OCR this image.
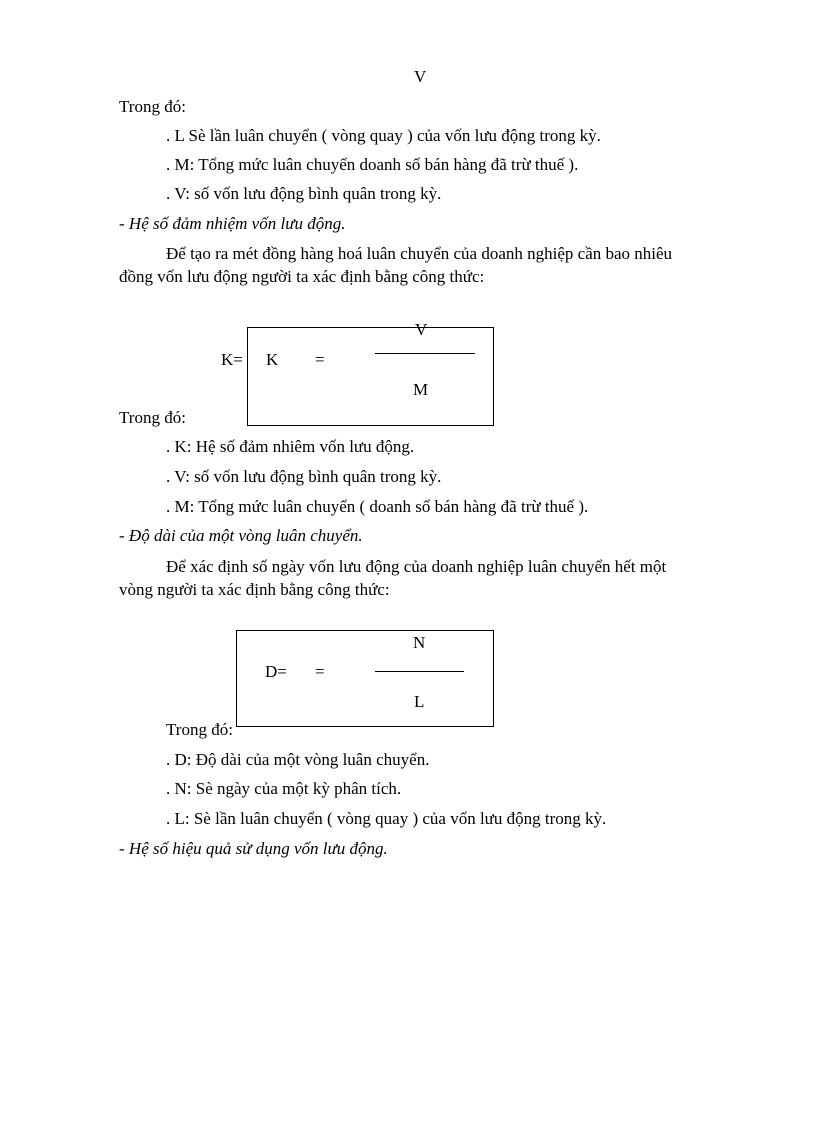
V
Trong đó:
. L Sè lần luân chuyển ( vòng quay ) của vốn lưu động trong kỳ.
. M: Tổng mức luân chuyển doanh số bán hàng đã trừ thuế ).
. V: số vốn lưu động bình quân trong kỳ.
- Hệ số đảm nhiệm vốn lưu động.
Để tạo ra mét đồng hàng hoá luân chuyển của doanh nghiệp cần bao nhiêu
đồng vốn lưu động người ta xác định bằng công thức:
K= K =
V
M
Trong đó:
. K: Hệ số đảm nhiêm vốn lưu động.
. V: số vốn lưu động bình quân trong kỳ.
. M: Tổng mức luân chuyển ( doanh số bán hàng đã trừ thuế ).
- Độ dài của một vòng luân chuyển.
Để xác định số ngày vốn lưu động của doanh nghiệp luân chuyển hết một
vòng người ta xác định bằng công thức:
D= =
N
L
Trong đó:
. D: Độ dài của một vòng luân chuyển.
. N: Sè ngày của một kỳ phân tích.
. L: Sè lần luân chuyển ( vòng quay ) của vốn lưu động trong kỳ.
- Hệ số hiệu quả sử dụng vốn lưu động.
